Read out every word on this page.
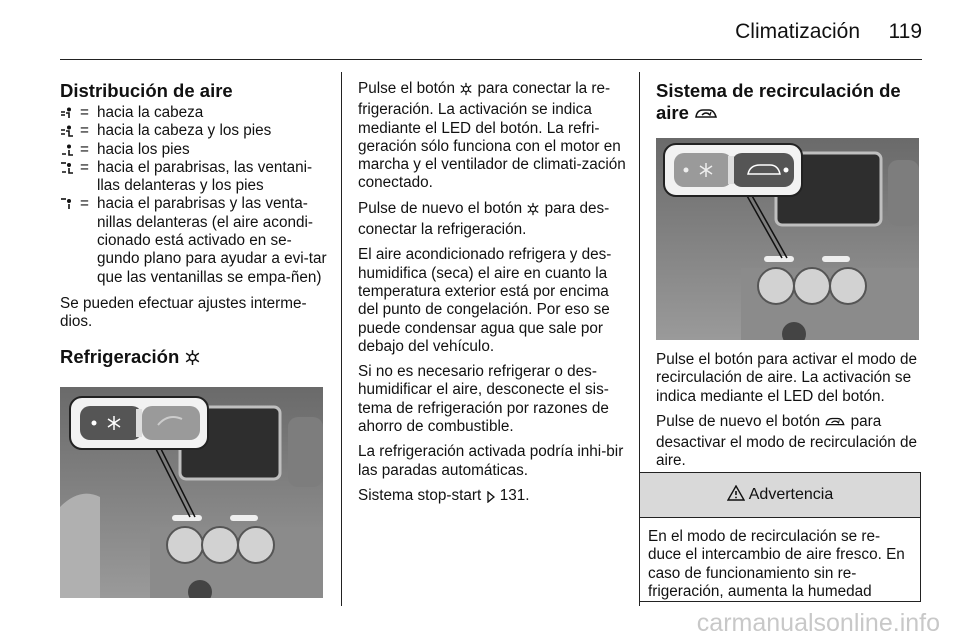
Climatización 119
Distribución de aire
= hacia la cabeza
= hacia la cabeza y los pies
= hacia los pies
= hacia el parabrisas, las ventani-llas delanteras y los pies
= hacia el parabrisas y las venta-nillas delanteras (el aire acondi-cionado está activado en se-gundo plano para ayudar a evi-tar que las ventanillas se empa-ñen)

Se pueden efectuar ajustes interme-dios.

Refrigeración

Pulse el botón para conectar la re-frigeración. La activación se indica mediante el LED del botón. La refri-geración sólo funciona con el motor en marcha y el ventilador de climati-zación conectado.

Pulse de nuevo el botón para des-conectar la refrigeración.

El aire acondicionado refrigera y des-humidifica (seca) el aire en cuanto la temperatura exterior está por encima del punto de congelación. Por eso se puede condensar agua que sale por debajo del vehículo.

Si no es necesario refrigerar o des-humidificar el aire, desconecte el sis-tema de refrigeración por razones de ahorro de combustible.

La refrigeración activada podría inhi-bir las paradas automáticas.

Sistema stop-start 131.

Sistema de recirculación de
aire

Pulse el botón para activar el modo de recirculación de aire. La activación se indica mediante el LED del botón.

Pulse de nuevo el botón para desactivar el modo de recirculación de aire.

Advertencia
En el modo de recirculación se re-duce el intercambio de aire fresco. En caso de funcionamiento sin re-frigeración, aumenta la humedad
carmanualsonline.info
